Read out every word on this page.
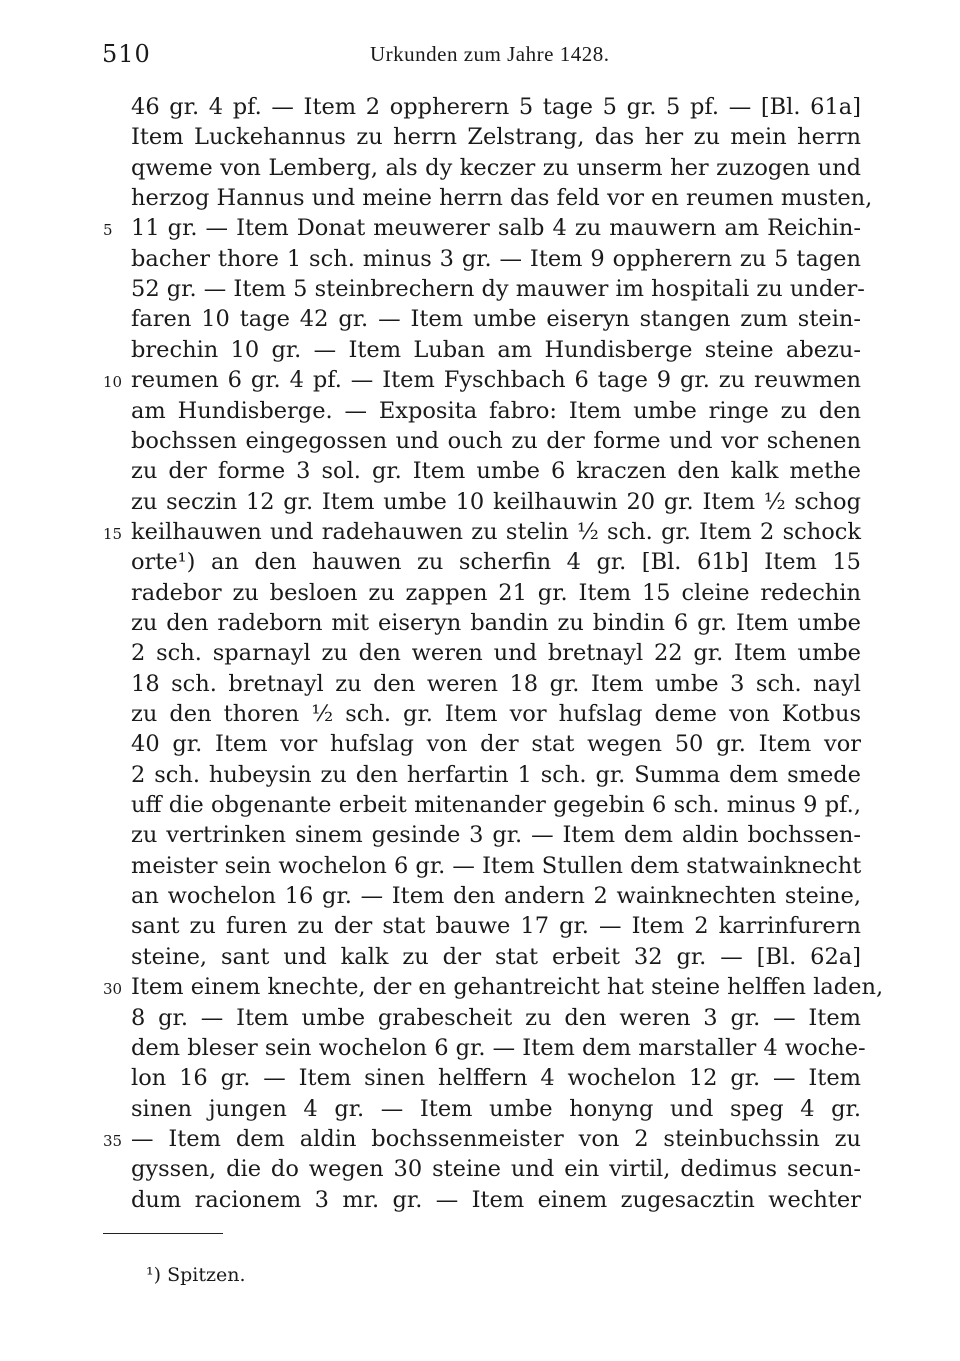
510	Urkunden zum Jahre 1428.
46 gr. 4 pf. — Item 2 oppherern 5 tage 5 gr. 5 pf. — [Bl. 61a]
Item Luckehannus zu herrn Zelstrang, das her zu mein herrn
qweme von Lemberg, als dy keczer zu unserm her zuzogen und
herzog Hannus und meine herrn das feld vor en reumen musten,
11 gr. — Item Donat meuwerer salb 4 zu mauwern am Reichin-
bacher thore 1 sch. minus 3 gr. — Item 9 oppherern zu 5 tagen
52 gr. — Item 5 steinbrechern dy mauwer im hospitali zu under-
faren 10 tage 42 gr. — Item umbe eiseryn stangen zum stein-
brechin 10 gr. — Item Luban am Hundisberge steine abezu-
reumen 6 gr. 4 pf. — Item Fyschbach 6 tage 9 gr. zu reuwmen
am Hundisberge. — Exposita fabro: Item umbe ringe zu den
bochssen eingegossen und ouch zu der forme und vor schenen
zu der forme 3 sol. gr. Item umbe 6 kraczen den kalk methe
zu seczin 12 gr. Item umbe 10 keilhauwin 20 gr. Item ½ schog
keilhauwen und radehauwen zu stelin ½ sch. gr. Item 2 schock
orte¹) an den hauwen zu scherfin 4 gr. [Bl. 61b] Item 15
radebor zu besloen zu zappen 21 gr. Item 15 cleine redechin
zu den radeborn mit eiseryn bandin zu bindin 6 gr. Item umbe
2 sch. sparnayl zu den weren und bretnayl 22 gr. Item umbe
18 sch. bretnayl zu den weren 18 gr. Item umbe 3 sch. nayl
zu den thoren ½ sch. gr. Item vor hufslag deme von Kotbus
40 gr. Item vor hufslag von der stat wegen 50 gr. Item vor
2 sch. hubeysin zu den herfartin 1 sch. gr. Summa dem smede
uff die obgenante erbeit mitenander gegebin 6 sch. minus 9 pf.,
zu vertrinken sinem gesinde 3 gr. — Item dem aldin bochssen-
meister sein wochelon 6 gr. — Item Stullen dem statwainknecht
an wochelon 16 gr. — Item den andern 2 wainknechten steine,
sant zu furen zu der stat bauwe 17 gr. — Item 2 karrinfurern
steine, sant und kalk zu der stat erbeit 32 gr. — [Bl. 62a]
Item einem knechte, der en gehantreicht hat steine helffen laden,
8 gr. — Item umbe grabescheit zu den weren 3 gr. — Item
dem bleser sein wochelon 6 gr. — Item dem marstaller 4 woche-
lon 16 gr. — Item sinen helffern 4 wochelon 12 gr. — Item
sinen jungen 4 gr. — Item umbe honyng und speg 4 gr.
— Item dem aldin bochssenmeister von 2 steinbuchssin zu
gyssen, die do wegen 30 steine und ein virtil, dedimus secun-
dum racionem 3 mr. gr. — Item einem zugesacztin wechter
5
10
15
30
35
¹) Spitzen.
